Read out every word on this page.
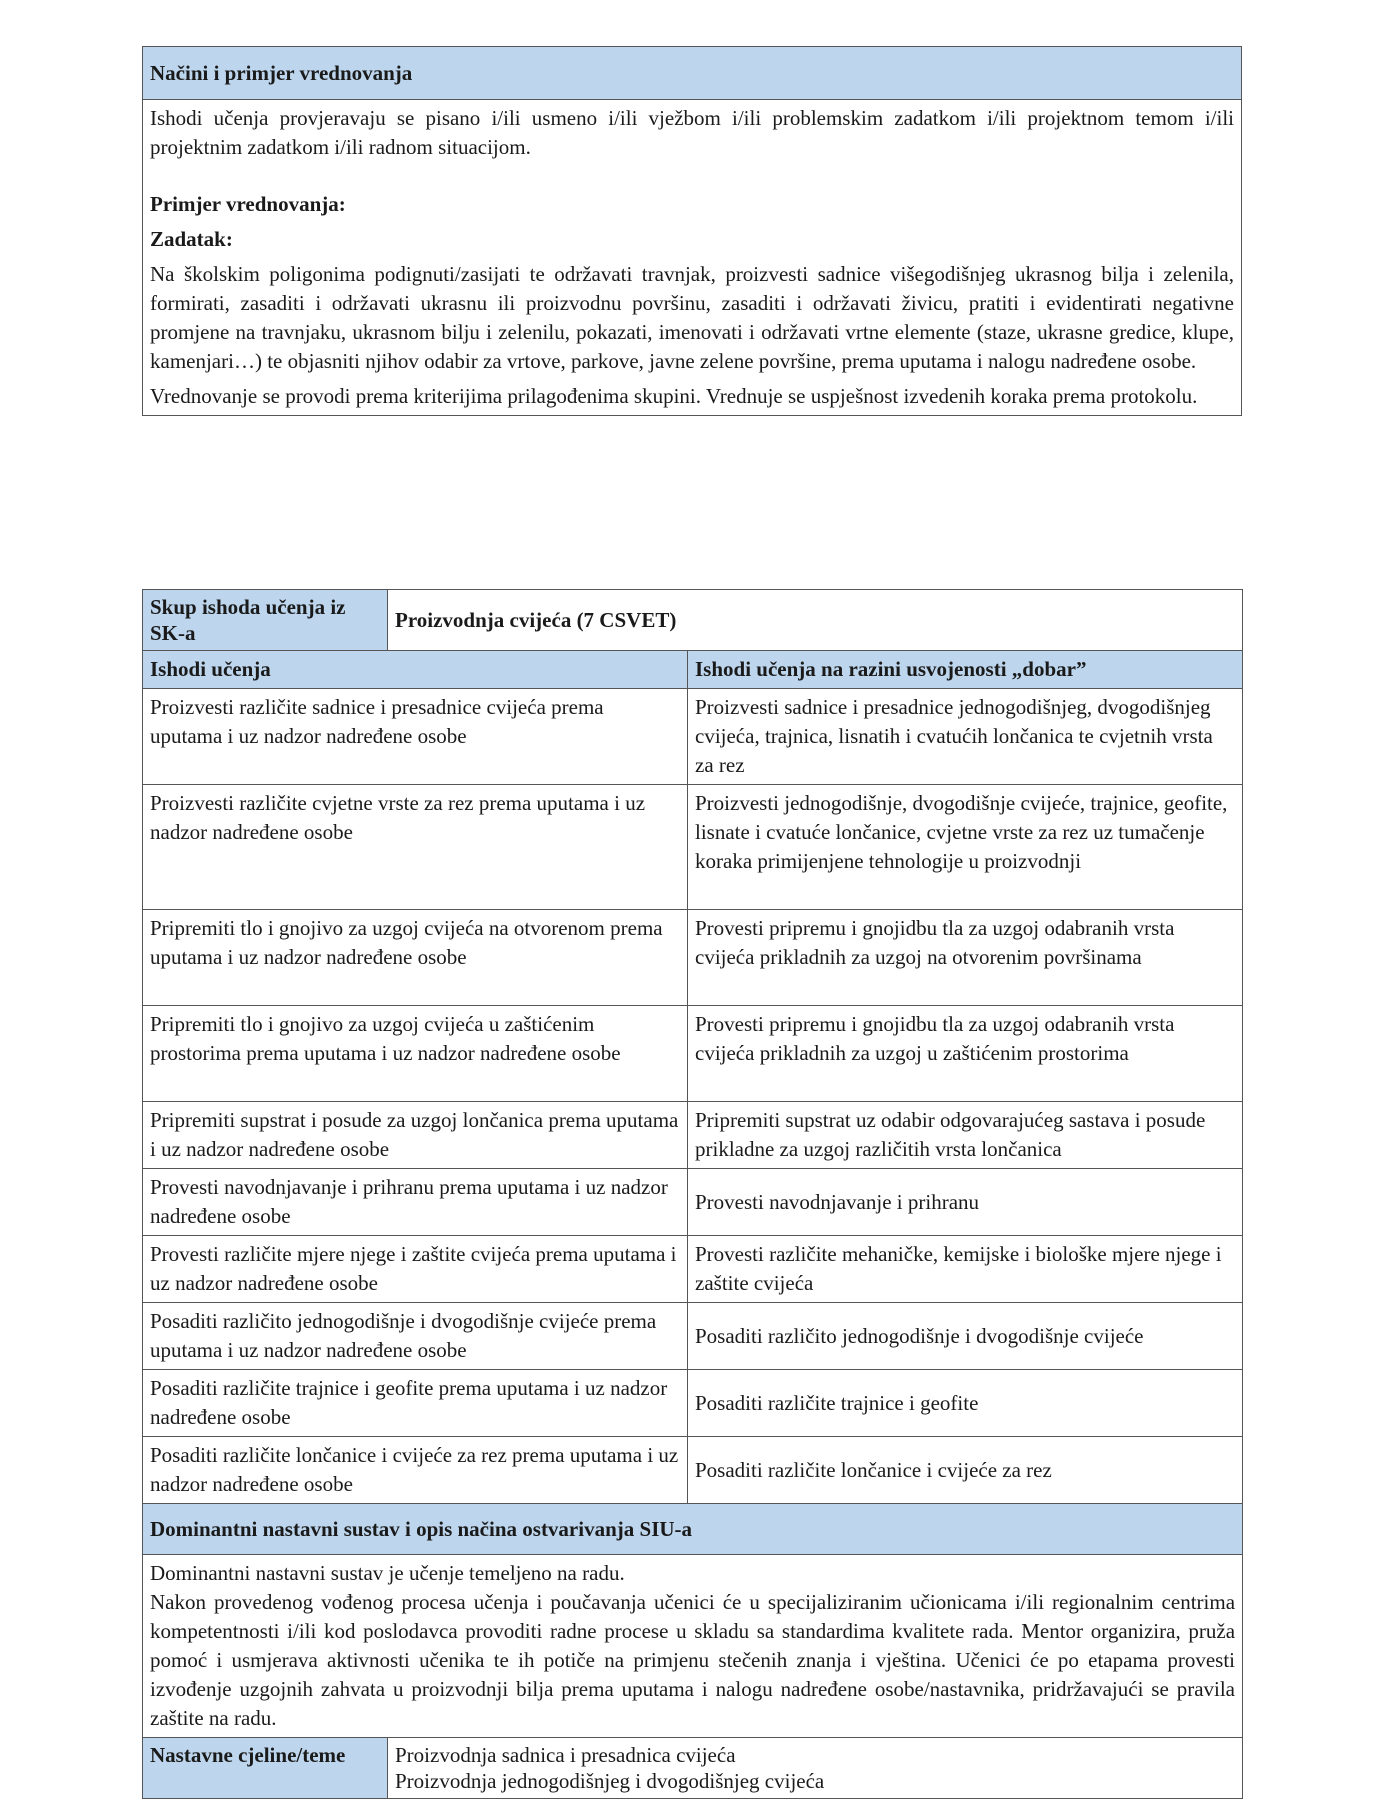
Načini i primjer vrednovanja

Ishodi učenja provjeravaju se pisano i/ili usmeno i/ili vježbom i/ili problemskim zadatkom i/ili projektnom temom i/ili projektnim zadatkom i/ili radnom situacijom.

Primjer vrednovanja:

Zadatak:

Na školskim poligonima podignuti/zasijati te održavati travnjak, proizvesti sadnice višegodišnjeg ukrasnog bilja i zelenila, formirati, zasaditi i održavati ukrasnu ili proizvodnu površinu, zasaditi i održavati živicu, pratiti i evidentirati negativne promjene na travnjaku, ukrasnom bilju i zelenilu, pokazati, imenovati i održavati vrtne elemente (staze, ukrasne gredice, klupe, kamenjari…) te objasniti njihov odabir za vrtove, parkove, javne zelene površine, prema uputama i nalogu nadređene osobe.

Vrednovanje se provodi prema kriterijima prilagođenima skupini. Vrednuje se uspješnost izvedenih koraka prema protokolu.

Skup ishoda učenja iz SK-a	Proizvodnja cvijeća (7 CSVET)	
Ishodi učenja		Ishodi učenja na razini usvojenosti „dobar”
Proizvesti različite sadnice i presadnice cvijeća prema uputama i uz nadzor nadređene osobe		Proizvesti sadnice i presadnice jednogodišnjeg, dvogodišnjeg cvijeća, trajnica, lisnatih i cvatućih lončanica te cvjetnih vrsta za rez
Proizvesti različite cvjetne vrste za rez prema uputama i uz nadzor nadređene osobe		Proizvesti jednogodišnje, dvogodišnje cvijeće, trajnice, geofite, lisnate i cvatuće lončanice, cvjetne vrste za rez uz tumačenje koraka primijenjene tehnologije u proizvodnji
Pripremiti tlo i gnojivo za uzgoj cvijeća na otvorenom prema uputama i uz nadzor nadređene osobe		Provesti pripremu i gnojidbu tla za uzgoj odabranih vrsta cvijeća prikladnih za uzgoj na otvorenim površinama
Pripremiti tlo i gnojivo za uzgoj cvijeća u zaštićenim prostorima prema uputama i uz nadzor nadređene osobe		Provesti pripremu i gnojidbu tla za uzgoj odabranih vrsta cvijeća prikladnih za uzgoj u zaštićenim prostorima
Pripremiti supstrat i posude za uzgoj lončanica prema uputama i uz nadzor nadređene osobe		Pripremiti supstrat uz odabir odgovarajućeg sastava i posude prikladne za uzgoj različitih vrsta lončanica
Provesti navodnjavanje i prihranu prema uputama i uz nadzor nadređene osobe		Provesti navodnjavanje i prihranu
Provesti različite mjere njege i zaštite cvijeća prema uputama i uz nadzor nadređene osobe		Provesti različite mehaničke, kemijske i biološke mjere njege i zaštite cvijeća
Posaditi različito jednogodišnje i dvogodišnje cvijeće prema uputama i uz nadzor nadređene osobe		Posaditi različito jednogodišnje i dvogodišnje cvijeće
Posaditi različite trajnice i geofite prema uputama i uz nadzor nadređene osobe		Posaditi različite trajnice i geofite
Posaditi različite lončanice i cvijeće za rez prema uputama i uz nadzor nadređene osobe		Posaditi različite lončanice i cvijeće za rez
Dominantni nastavni sustav i opis načina ostvarivanja SIU-a		

Dominantni nastavni sustav je učenje temeljeno na radu.

Nakon provedenog vođenog procesa učenja i poučavanja učenici će u specijaliziranim učionicama i/ili regionalnim centrima kompetentnosti i/ili kod poslodavca provoditi radne procese u skladu sa standardima kvalitete rada. Mentor organizira, pruža pomoć i usmjerava aktivnosti učenika te ih potiče na primjenu stečenih znanja i vještina. Učenici će po etapama provesti izvođenje uzgojnih zahvata u proizvodnji bilja prema uputama i nalogu nadređene osobe/nastavnika, pridržavajući se pravila zaštite na radu.		

Nastavne cjeline/teme	Proizvodnja sadnica i presadnica cvijeća

Proizvodnja jednogodišnjeg i dvogodišnjeg cvijeća	
